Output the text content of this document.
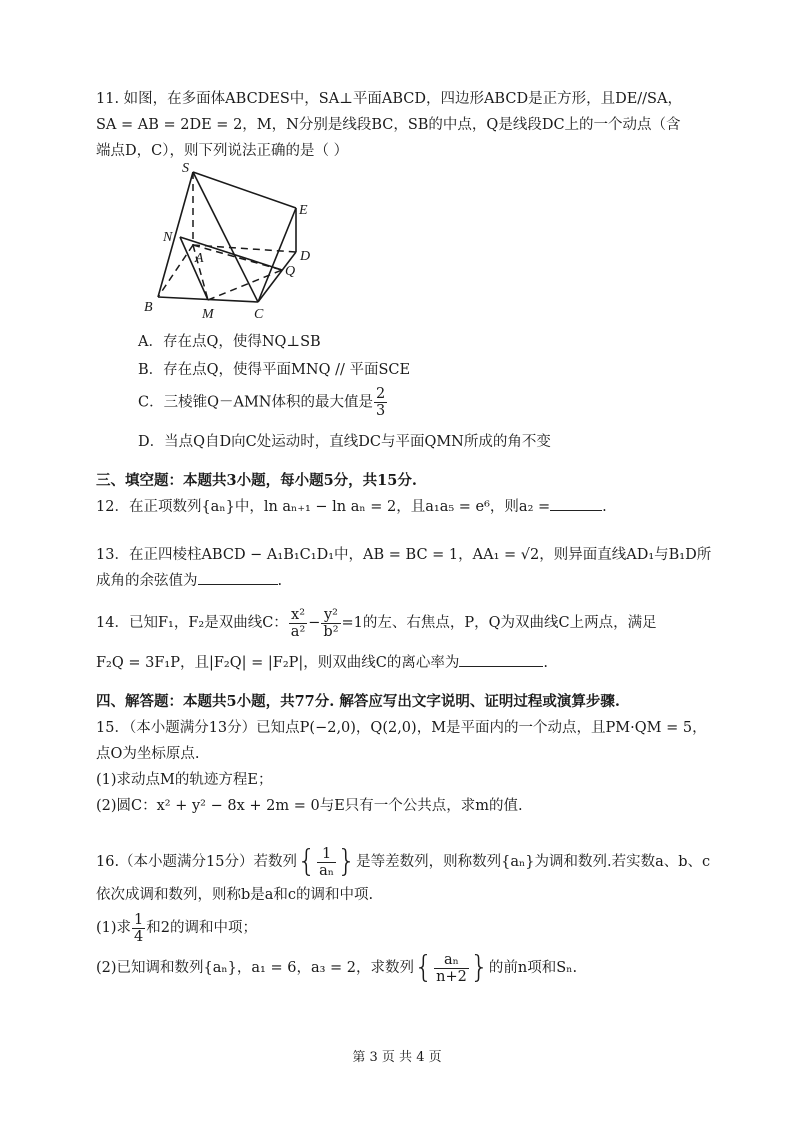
11. 如图，在多面体ABCDES中，SA⊥平面ABCD，四边形ABCD是正方形，且DE//SA，
SA = AB = 2DE = 2，M，N分别是线段BC，SB的中点，Q是线段DC上的一个动点（含
端点D，C），则下列说法正确的是（ ）
S
E
N
A	D
Q
B	M	C
A．存在点Q，使得NQ⊥SB
B．存在点Q，使得平面MNQ // 平面SCE
C．三棱锥Q－AMN体积的最大值是 $\frac{2}{3}$
D．当点Q自D向C处运动时，直线DC与平面QMN所成的角不变
三、填空题：本题共3小题，每小题5分，共15分.
12．在正项数列{aₙ}中，ln aₙ₊₁ − ln aₙ = 2，且a₁a₅ = e⁶，则a₂ =	.
13．在正四棱柱ABCD − A₁B₁C₁D₁中，AB = BC = 1，AA₁ = √2，则异面直线AD₁与B₁D所
成角的余弦值为	.
14．已知F₁，F₂是双曲线C： $\frac{\text{x²}}{\text{a²}} - \frac{\text{y²}}{\text{b²}} =1$的左、右焦点，P，Q为双曲线C上两点，满足
F₂Q = 3F₁P，且|F₂Q| = |F₂P|，则双曲线C的离心率为	.
四、解答题：本题共5小题，共77分. 解答应写出文字说明、证明过程或演算步骤.
15．（本小题满分13分）已知点P(−2,0)，Q(2,0)，M是平面内的一个动点，且PM·QM = 5，
点O为坐标原点.
(1)求动点M的轨迹方程E；
(2)圆C：x² + y² − 8x + 2m = 0与E只有一个公共点，求m的值.
16.（本小题满分15分）若数列{ $\frac{1}{\text{aₙ}}$ }是等差数列，则称数列{aₙ}为调和数列.若实数a、b、c
依次成调和数列，则称b是a和c的调和中项.
(1)求 $\frac{1}{4}$ 和2的调和中项；
(2)已知调和数列{aₙ}，a₁ = 6，a₃ = 2，求数列{ $\frac{\text{aₙ}}{n+2}$ }的前n项和Sₙ.
第 3 页 共 4 页
